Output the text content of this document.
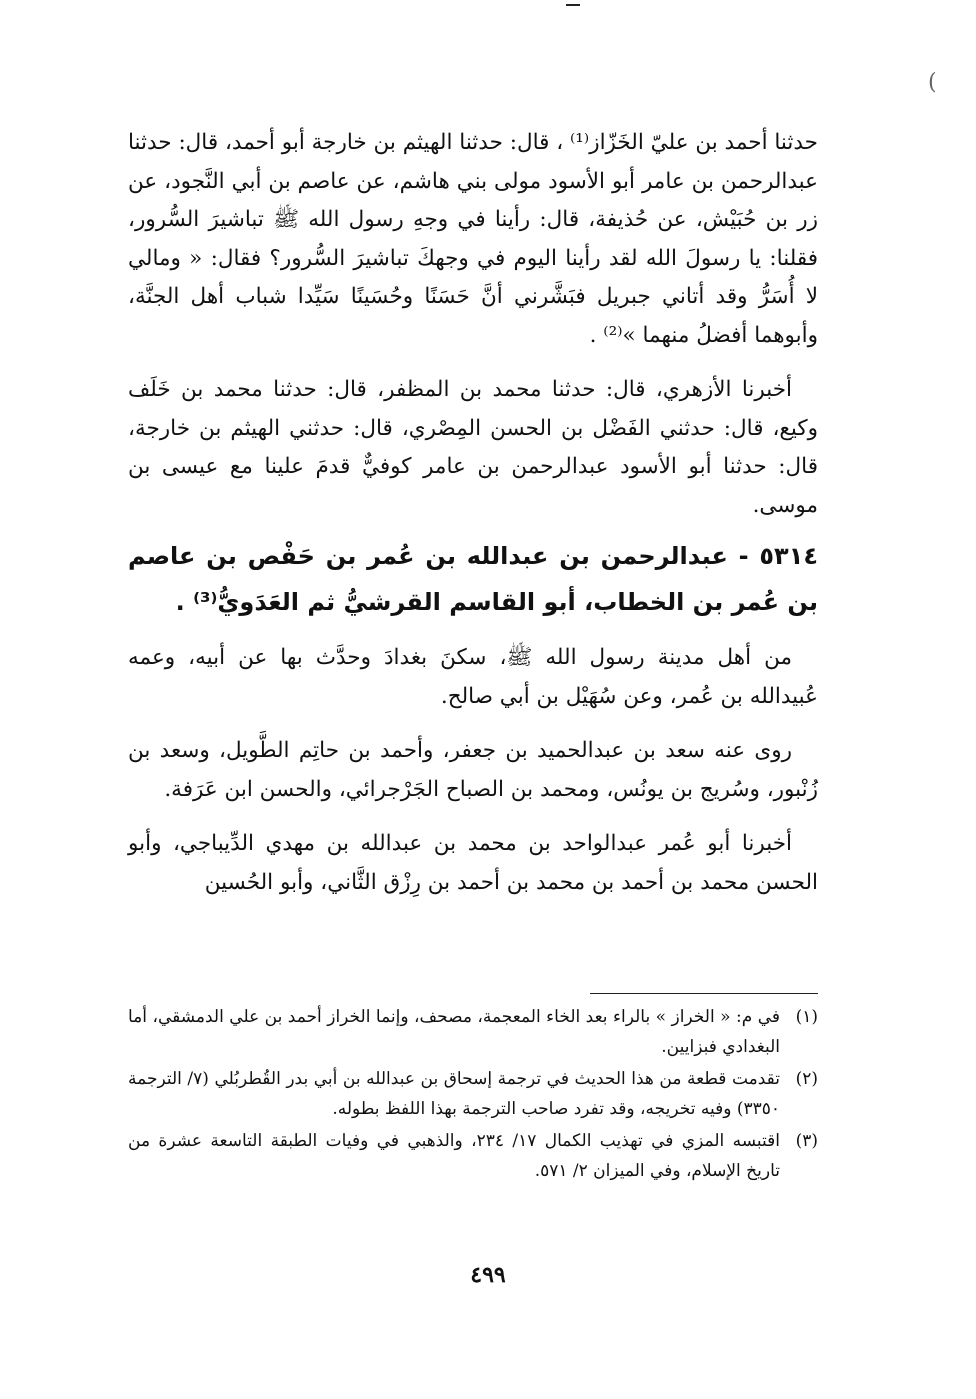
(

حدثنا أحمد بن عليّ الخَزّاز⁽¹⁾ ، قال: حدثنا الهيثم بن خارجة أبو أحمد، قال: حدثنا عبدالرحمن بن عامر أبو الأسود مولى بني هاشم، عن عاصم بن أبي النَّجود، عن زر بن حُبَيْش، عن حُذيفة، قال: رأينا في وجهِ رسول الله ﷺ تباشيرَ السُّرور، فقلنا: يا رسولَ الله لقد رأينا اليوم في وجهكَ تباشيرَ السُّرور؟ فقال: « ومالي لا أُسَرُّ وقد أتاني جبريل فبَشَّرني أنَّ حَسَنًا وحُسَينًا سَيِّدا شباب أهل الجنَّة، وأبوهما أفضلُ منهما »⁽²⁾ .

أخبرنا الأزهري، قال: حدثنا محمد بن المظفر، قال: حدثنا محمد بن خَلَف وكيع، قال: حدثني الفَضْل بن الحسن المِصْري، قال: حدثني الهيثم بن خارجة، قال: حدثنا أبو الأسود عبدالرحمن بن عامر كوفيٌّ قدمَ علينا مع عيسى بن موسى.

٥٣١٤ - عبدالرحمن بن عبدالله بن عُمر بن حَفْص بن عاصم بن عُمر بن الخطاب، أبو القاسم القرشيُّ ثم العَدَويُّ⁽³⁾ .

من أهل مدينة رسول الله ﷺ، سكنَ بغدادَ وحدَّث بها عن أبيه، وعمه عُبيدالله بن عُمر، وعن سُهَيْل بن أبي صالح.

روى عنه سعد بن عبدالحميد بن جعفر، وأحمد بن حاتِم الطَّويل، وسعد بن زُنْبور، وسُريج بن يونُس، ومحمد بن الصباح الجَرْجرائي، والحسن ابن عَرَفة.

أخبرنا أبو عُمر عبدالواحد بن محمد بن عبدالله بن مهدي الدِّيباجي، وأبو الحسن محمد بن أحمد بن محمد بن أحمد بن رِزْق الثَّاني، وأبو الحُسين

(١)
في م: « الخراز » بالراء بعد الخاء المعجمة، مصحف، وإنما الخراز أحمد بن علي الدمشقي، أما البغدادي فبزايين.
(٢)
تقدمت قطعة من هذا الحديث في ترجمة إسحاق بن عبدالله بن أبي بدر القُطربُلي (٧/ الترجمة ٣٣٥٠) وفيه تخريجه، وقد تفرد صاحب الترجمة بهذا اللفظ بطوله.
(٣)
اقتبسه المزي في تهذيب الكمال ١٧/ ٢٣٤، والذهبي في وفيات الطبقة التاسعة عشرة من تاريخ الإسلام، وفي الميزان ٢/ ٥٧١.
٤٩٩
